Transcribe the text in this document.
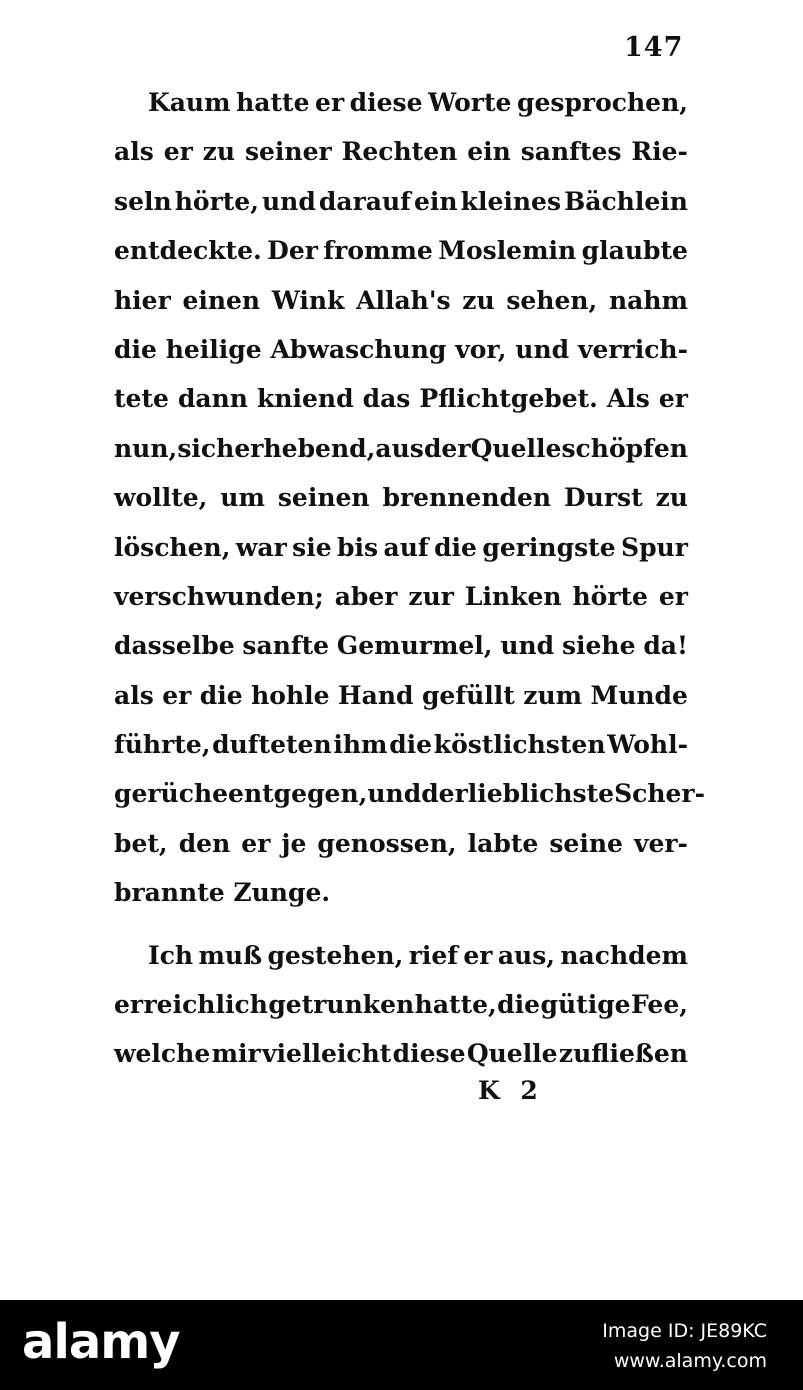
147
Kaum hatte er diese Worte gesprochen,
als er zu seiner Rechten ein sanftes Rie-
seln hörte, und darauf ein kleines Bächlein
entdeckte. Der fromme Moslemin glaubte
hier einen Wink Allah's zu sehen, nahm
die heilige Abwaschung vor, und verrich-
tete dann kniend das Pflichtgebet. Als er
nun, sich erhebend, aus der Quelle schöpfen
wollte, um seinen brennenden Durst zu
löschen, war sie bis auf die geringste Spur
verschwunden; aber zur Linken hörte er
dasselbe sanfte Gemurmel, und siehe da!
als er die hohle Hand gefüllt zum Munde
führte, dufteten ihm die köstlichsten Wohl-
gerüche entgegen, und der lieblichste Scher-
bet, den er je genossen, labte seine ver-
brannte Zunge.
Ich muß gestehen, rief er aus, nachdem
er reichlich getrunken hatte, die gütige Fee,
welche mir vielleicht diese Quelle zufließen
K 2
alamy	Image ID: JE89KC
www.alamy.com
